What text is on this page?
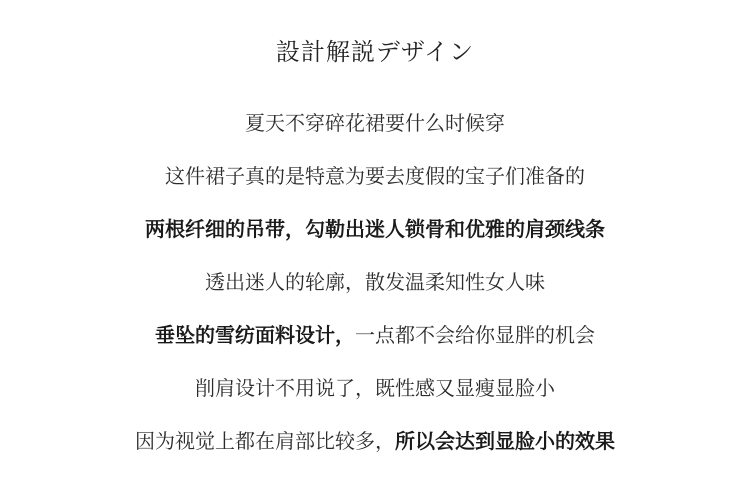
設計解説デザイン
夏天不穿碎花裙要什么时候穿
这件裙子真的是特意为要去度假的宝子们准备的
两根纤细的吊带，勾勒出迷人锁骨和优雅的肩颈线条
透出迷人的轮廓，散发温柔知性女人味
垂坠的雪纺面料设计，一点都不会给你显胖的机会
削肩设计不用说了，既性感又显瘦显脸小
因为视觉上都在肩部比较多，所以会达到显脸小的效果
